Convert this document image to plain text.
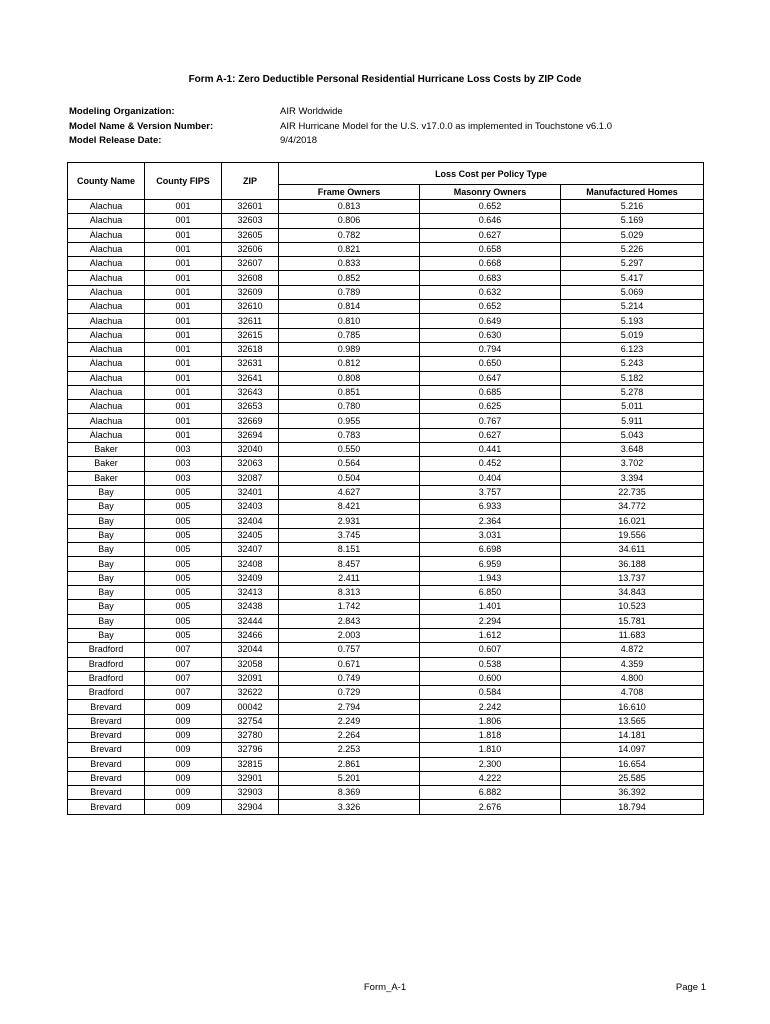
Form A-1: Zero Deductible Personal Residential Hurricane Loss Costs by ZIP Code
Modeling Organization:	AIR Worldwide
Model Name & Version Number:	AIR Hurricane Model for the U.S. v17.0.0 as implemented in Touchstone v6.1.0
Model Release Date:	9/4/2018
County Name	County FIPS	ZIP	Loss Cost per Policy Type		
			Frame Owners	Masonry Owners	Manufactured Homes
Alachua	001	32601	0.813	0.652	5.216
Alachua	001	32603	0.806	0.646	5.169
Alachua	001	32605	0.782	0.627	5.029
Alachua	001	32606	0.821	0.658	5.226
Alachua	001	32607	0.833	0.668	5.297
Alachua	001	32608	0.852	0.683	5.417
Alachua	001	32609	0.789	0.632	5.069
Alachua	001	32610	0.814	0.652	5.214
Alachua	001	32611	0.810	0.649	5.193
Alachua	001	32615	0.785	0.630	5.019
Alachua	001	32618	0.989	0.794	6.123
Alachua	001	32631	0.812	0.650	5.243
Alachua	001	32641	0.808	0.647	5.182
Alachua	001	32643	0.851	0.685	5.278
Alachua	001	32653	0.780	0.625	5.011
Alachua	001	32669	0.955	0.767	5.911
Alachua	001	32694	0.783	0.627	5.043
Baker	003	32040	0.550	0.441	3.648
Baker	003	32063	0.564	0.452	3.702
Baker	003	32087	0.504	0.404	3.394
Bay	005	32401	4.627	3.757	22.735
Bay	005	32403	8.421	6.933	34.772
Bay	005	32404	2.931	2.364	16.021
Bay	005	32405	3.745	3.031	19.556
Bay	005	32407	8.151	6.698	34.611
Bay	005	32408	8.457	6.959	36.188
Bay	005	32409	2.411	1.943	13.737
Bay	005	32413	8.313	6.850	34.843
Bay	005	32438	1.742	1.401	10.523
Bay	005	32444	2.843	2.294	15.781
Bay	005	32466	2.003	1.612	11.683
Bradford	007	32044	0.757	0.607	4.872
Bradford	007	32058	0.671	0.538	4.359
Bradford	007	32091	0.749	0.600	4.800
Bradford	007	32622	0.729	0.584	4.708
Brevard	009	00042	2.794	2.242	16.610
Brevard	009	32754	2.249	1.806	13.565
Brevard	009	32780	2.264	1.818	14.181
Brevard	009	32796	2.253	1.810	14.097
Brevard	009	32815	2.861	2.300	16.654
Brevard	009	32901	5.201	4.222	25.585
Brevard	009	32903	8.369	6.882	36.392
Brevard	009	32904	3.326	2.676	18.794
Form_A-1	Page 1
